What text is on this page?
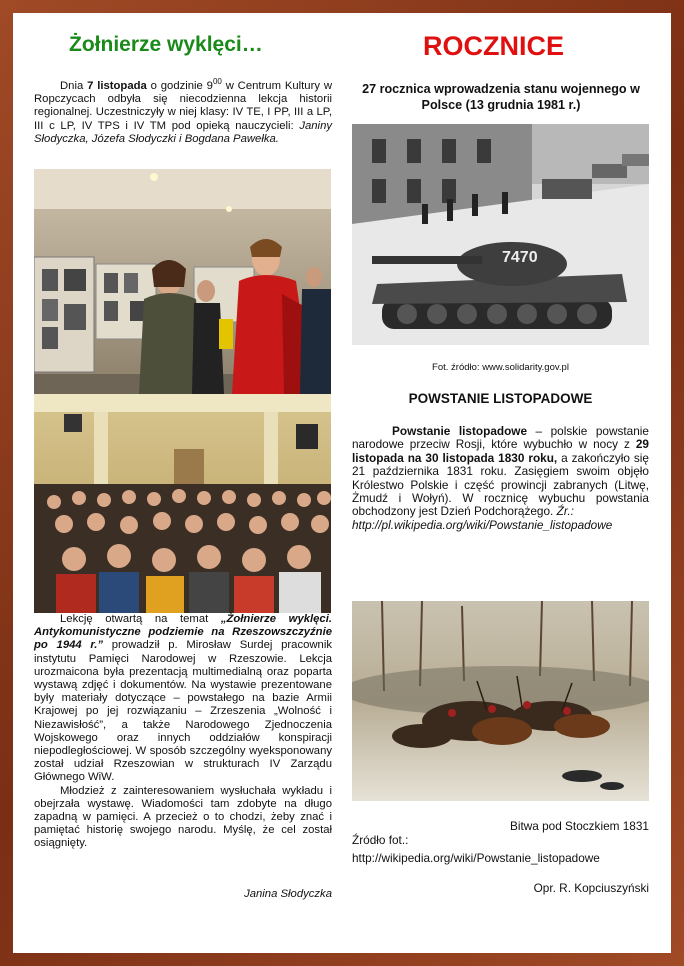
Żołnierze wyklęci…	ROCZNICE
Dnia 7 listopada o godzinie $9^{00}$ w Centrum Kultury w Ropczycach odbyła się niecodzienna lekcja historii regionalnej. Uczestniczyły w niej klasy: IV TE, I PP, III a LP, III c LP, IV TPS i IV TM pod opieką nauczycieli: Janiny Słodyczka, Józefa Słodyczki i Bogdana Pawełka.
Lekcję otwartą na temat „Żołnierze wyklęci. Antykomunistyczne podziemie na Rzeszowszczyźnie po 1944 r.” prowadził p. Mirosław Surdej pracownik instytutu Pamięci Narodowej w Rzeszowie. Lekcja urozmaicona była prezentacją multimedialną oraz poparta wystawą zdjęć i dokumentów. Na wystawie prezentowane były materiały dotyczące – powstałego na bazie Armii Krajowej po jej rozwiązaniu – Zrzeszenia „Wolność i Niezawisłość”, a także Narodowego Zjednoczenia Wojskowego oraz innych oddziałów konspiracji niepodległościowej. W sposób szczególny wyeksponowany został udział Rzeszowian w strukturach IV Zarządu Głównego WiW.
Młodzież z zainteresowaniem wysłuchała wykładu i obejrzała wystawę. Wiadomości tam zdobyte na długo zapadną w pamięci. A przecież o to chodzi, żeby znać i pamiętać historię swojego narodu. Myślę, że cel został osiągnięty.
Janina Słodyczka
27 rocznica wprowadzenia stanu wojennego w Polsce (13 grudnia 1981 r.)
7470
Fot. źródło: www.solidarity.gov.pl
POWSTANIE LISTOPADOWE
Powstanie listopadowe – polskie powstanie narodowe przeciw Rosji, które wybuchło w nocy z 29 listopada na 30 listopada 1830 roku, a zakończyło się 21 października 1831 roku. Zasięgiem swoim objęło Królestwo Polskie i część prowincji zabranych (Litwę, Żmudź i Wołyń). W rocznicę wybuchu powstania obchodzony jest Dzień Podchorążego. Źr.:
http://pl.wikipedia.org/wiki/Powstanie_listopadowe
Bitwa pod Stoczkiem 1831
Źródło fot.:
http://wikipedia.org/wiki/Powstanie_listopadowe
Opr. R. Kopciuszyński
